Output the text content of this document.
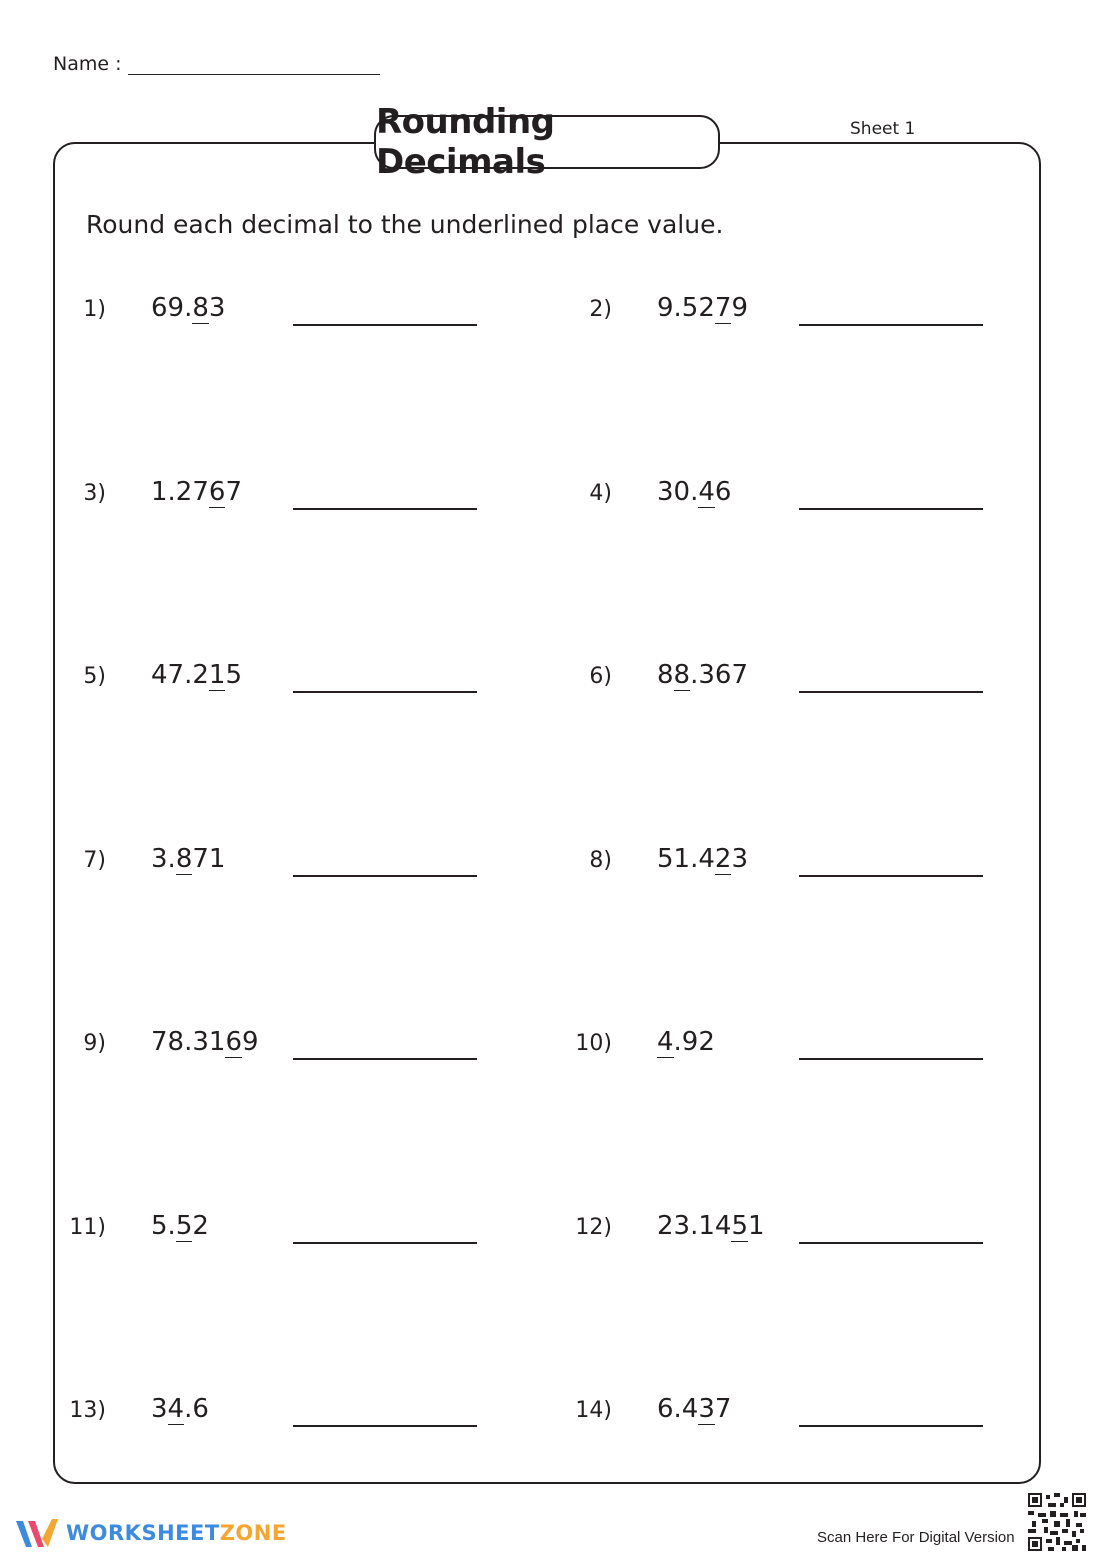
Name :
Rounding Decimals
Sheet 1
Round each decimal to the underlined place value.
1) 69.83	2) 9.5279
3) 1.2767	4) 30.46
5) 47.215	6) 88.367
7) 3.871	8) 51.423
9) 78.3169	10) 4.92
11) 5.52	12) 23.1451
13) 34.6	14) 6.437
WORKSHEETZONE	Scan Here For Digital Version
